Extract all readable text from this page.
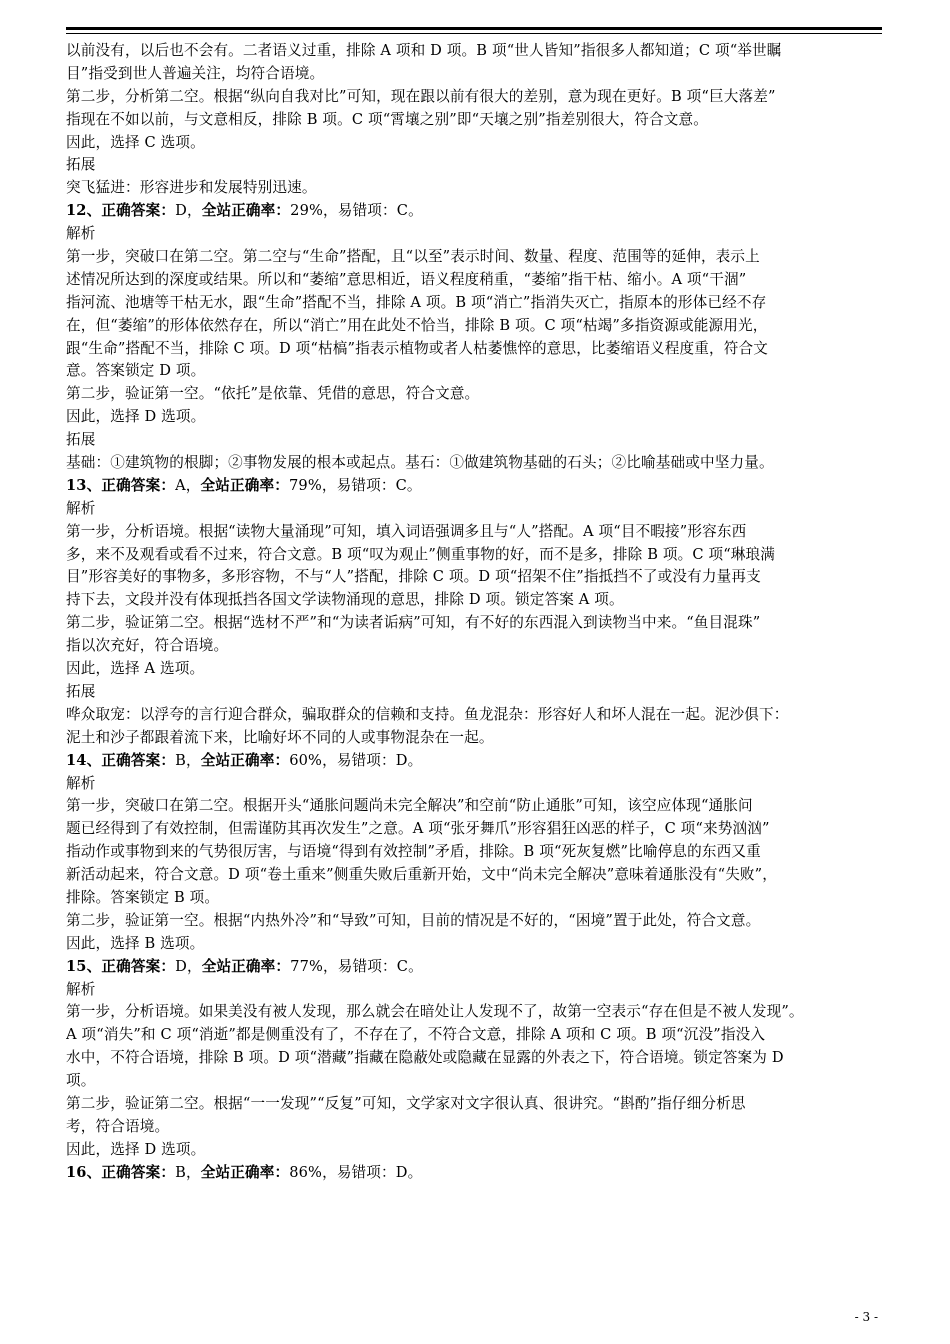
以前没有，以后也不会有。二者语义过重，排除 A 项和 D 项。B 项“世人皆知”指很多人都知道；C 项“举世瞩
目”指受到世人普遍关注，均符合语境。
第二步，分析第二空。根据“纵向自我对比”可知，现在跟以前有很大的差别，意为现在更好。B 项“巨大落差”
指现在不如以前，与文意相反，排除 B 项。C 项“霄壤之别”即“天壤之别”指差别很大，符合文意。
因此，选择 C 选项。
拓展
突飞猛进：形容进步和发展特别迅速。
12、正确答案：D，全站正确率：29%，易错项：C。
解析
第一步，突破口在第二空。第二空与“生命”搭配，且“以至”表示时间、数量、程度、范围等的延伸，表示上
述情况所达到的深度或结果。所以和“萎缩”意思相近，语义程度稍重，“萎缩”指干枯、缩小。A 项“干涸”
指河流、池塘等干枯无水，跟“生命”搭配不当，排除 A 项。B 项“消亡”指消失灭亡，指原本的形体已经不存
在，但“萎缩”的形体依然存在，所以“消亡”用在此处不恰当，排除 B 项。C 项“枯竭”多指资源或能源用光，
跟“生命”搭配不当，排除 C 项。D 项“枯槁”指表示植物或者人枯萎憔悴的意思，比萎缩语义程度重，符合文
意。答案锁定 D 项。
第二步，验证第一空。“依托”是依靠、凭借的意思，符合文意。
因此，选择 D 选项。
拓展
基础：①建筑物的根脚；②事物发展的根本或起点。基石：①做建筑物基础的石头；②比喻基础或中坚力量。
13、正确答案：A，全站正确率：79%，易错项：C。
解析
第一步，分析语境。根据“读物大量涌现”可知，填入词语强调多且与“人”搭配。A 项“目不暇接”形容东西
多，来不及观看或看不过来，符合文意。B 项“叹为观止”侧重事物的好，而不是多，排除 B 项。C 项“琳琅满
目”形容美好的事物多，多形容物，不与“人”搭配，排除 C 项。D 项“招架不住”指抵挡不了或没有力量再支
持下去，文段并没有体现抵挡各国文学读物涌现的意思，排除 D 项。锁定答案 A 项。
第二步，验证第二空。根据“选材不严”和“为读者诟病”可知，有不好的东西混入到读物当中来。“鱼目混珠”
指以次充好，符合语境。
因此，选择 A 选项。
拓展
哗众取宠：以浮夸的言行迎合群众，骗取群众的信赖和支持。鱼龙混杂：形容好人和坏人混在一起。泥沙俱下：
泥土和沙子都跟着流下来，比喻好坏不同的人或事物混杂在一起。
14、正确答案：B，全站正确率：60%，易错项：D。
解析
第一步，突破口在第二空。根据开头“通胀问题尚未完全解决”和空前“防止通胀”可知，该空应体现“通胀问
题已经得到了有效控制，但需谨防其再次发生”之意。A 项“张牙舞爪”形容猖狂凶恶的样子，C 项“来势汹汹”
指动作或事物到来的气势很厉害，与语境“得到有效控制”矛盾，排除。B 项“死灰复燃”比喻停息的东西又重
新活动起来，符合文意。D 项“卷土重来”侧重失败后重新开始，文中“尚未完全解决”意味着通胀没有“失败”，
排除。答案锁定 B 项。
第二步，验证第一空。根据“内热外冷”和“导致”可知，目前的情况是不好的，“困境”置于此处，符合文意。
因此，选择 B 选项。
15、正确答案：D，全站正确率：77%，易错项：C。
解析
第一步，分析语境。如果美没有被人发现，那么就会在暗处让人发现不了，故第一空表示“存在但是不被人发现”。
A 项“消失”和 C 项“消逝”都是侧重没有了，不存在了，不符合文意，排除 A 项和 C 项。B 项“沉没”指没入
水中，不符合语境，排除 B 项。D 项“潜藏”指藏在隐蔽处或隐藏在显露的外表之下，符合语境。锁定答案为 D
项。
第二步，验证第二空。根据“一一发现”“反复”可知，文学家对文字很认真、很讲究。“斟酌”指仔细分析思
考，符合语境。
因此，选择 D 选项。
16、正确答案：B，全站正确率：86%，易错项：D。
- 3 -
